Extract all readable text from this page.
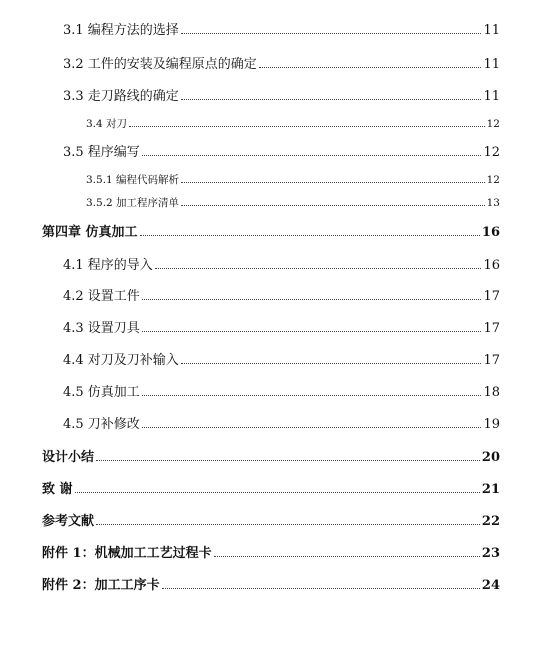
3.1 编程方法的选择	11
3.2 工件的安装及编程原点的确定	11
3.3 走刀路线的确定	11
3.4 对刀	12
3.5 程序编写	12
3.5.1 编程代码解析	12
3.5.2 加工程序清单	13
第四章 仿真加工	16
4.1 程序的导入	16
4.2 设置工件	17
4.3 设置刀具	17
4.4 对刀及刀补输入	17
4.5 仿真加工	18
4.5 刀补修改	19
设计小结	20
致 谢	21
参考文献	22
附件 1：机械加工工艺过程卡	23
附件 2：加工工序卡	24
